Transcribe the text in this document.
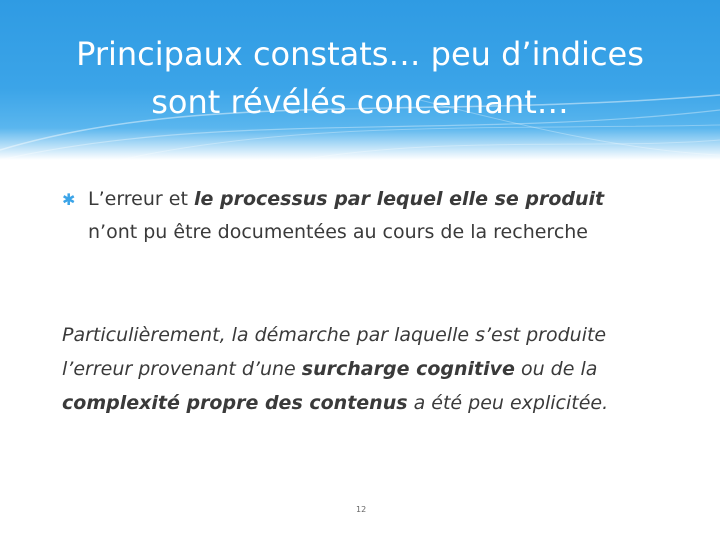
Principaux constats… peu d’indices
sont révélés concernant…
✱ L’erreur et le processus par lequel elle se produit n’ont pu être documentées au cours de la recherche
Particulièrement, la démarche par laquelle s’est produite l’erreur provenant d’une surcharge cognitive ou de la complexité propre des contenus a été peu explicitée.
12
